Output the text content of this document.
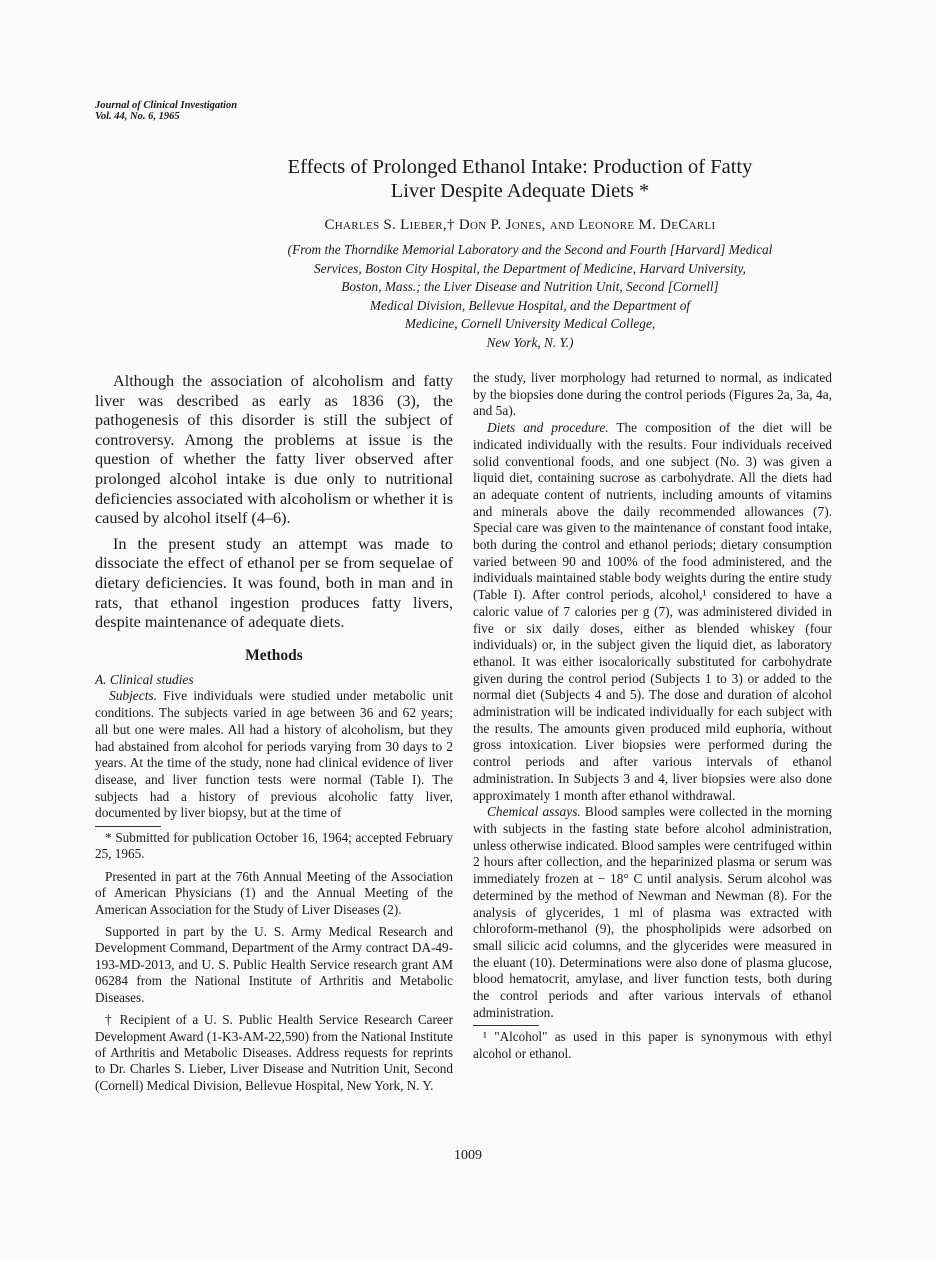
Journal of Clinical Investigation
Vol. 44, No. 6, 1965
Effects of Prolonged Ethanol Intake: Production of Fatty
Liver Despite Adequate Diets *
Charles S. Lieber,† Don P. Jones, and Leonore M. DeCarli
(From the Thorndike Memorial Laboratory and the Second and Fourth [Harvard] Medical
Services, Boston City Hospital, the Department of Medicine, Harvard University,
Boston, Mass.; the Liver Disease and Nutrition Unit, Second [Cornell]
Medical Division, Bellevue Hospital, and the Department of
Medicine, Cornell University Medical College,
New York, N. Y.)

Although the association of alcoholism and fatty liver was described as early as 1836 (3), the pathogenesis of this disorder is still the subject of controversy. Among the problems at issue is the question of whether the fatty liver observed after prolonged alcohol intake is due only to nutritional deficiencies associated with alcoholism or whether it is caused by alcohol itself (4–6).

In the present study an attempt was made to dissociate the effect of ethanol per se from sequelae of dietary deficiencies. It was found, both in man and in rats, that ethanol ingestion produces fatty livers, despite maintenance of adequate diets.

Methods
A. Clinical studies

Subjects. Five individuals were studied under metabolic unit conditions. The subjects varied in age between 36 and 62 years; all but one were males. All had a history of alcoholism, but they had abstained from alcohol for periods varying from 30 days to 2 years. At the time of the study, none had clinical evidence of liver disease, and liver function tests were normal (Table I). The subjects had a history of previous alcoholic fatty liver, documented by liver biopsy, but at the time of

* Submitted for publication October 16, 1964; accepted February 25, 1965.

Presented in part at the 76th Annual Meeting of the Association of American Physicians (1) and the Annual Meeting of the American Association for the Study of Liver Diseases (2).

Supported in part by the U. S. Army Medical Research and Development Command, Department of the Army contract DA-49-193-MD-2013, and U. S. Public Health Service research grant AM 06284 from the National Institute of Arthritis and Metabolic Diseases.

† Recipient of a U. S. Public Health Service Research Career Development Award (1-K3-AM-22,590) from the National Institute of Arthritis and Metabolic Diseases. Address requests for reprints to Dr. Charles S. Lieber, Liver Disease and Nutrition Unit, Second (Cornell) Medical Division, Bellevue Hospital, New York, N. Y.

the study, liver morphology had returned to normal, as indicated by the biopsies done during the control periods (Figures 2a, 3a, 4a, and 5a).

Diets and procedure. The composition of the diet will be indicated individually with the results. Four individuals received solid conventional foods, and one subject (No. 3) was given a liquid diet, containing sucrose as carbohydrate. All the diets had an adequate content of nutrients, including amounts of vitamins and minerals above the daily recommended allowances (7). Special care was given to the maintenance of constant food intake, both during the control and ethanol periods; dietary consumption varied between 90 and 100% of the food administered, and the individuals maintained stable body weights during the entire study (Table I). After control periods, alcohol,¹ considered to have a caloric value of 7 calories per g (7), was administered divided in five or six daily doses, either as blended whiskey (four individuals) or, in the subject given the liquid diet, as laboratory ethanol. It was either isocalorically substituted for carbohydrate given during the control period (Subjects 1 to 3) or added to the normal diet (Subjects 4 and 5). The dose and duration of alcohol administration will be indicated individually for each subject with the results. The amounts given produced mild euphoria, without gross intoxication. Liver biopsies were performed during the control periods and after various intervals of ethanol administration. In Subjects 3 and 4, liver biopsies were also done approximately 1 month after ethanol withdrawal.

Chemical assays. Blood samples were collected in the morning with subjects in the fasting state before alcohol administration, unless otherwise indicated. Blood samples were centrifuged within 2 hours after collection, and the heparinized plasma or serum was immediately frozen at − 18° C until analysis. Serum alcohol was determined by the method of Newman and Newman (8). For the analysis of glycerides, 1 ml of plasma was extracted with chloroform-methanol (9), the phospholipids were adsorbed on small silicic acid columns, and the glycerides were measured in the eluant (10). Determinations were also done of plasma glucose, blood hematocrit, amylase, and liver function tests, both during the control periods and after various intervals of ethanol administration.

¹ "Alcohol" as used in this paper is synonymous with ethyl alcohol or ethanol.

1009
